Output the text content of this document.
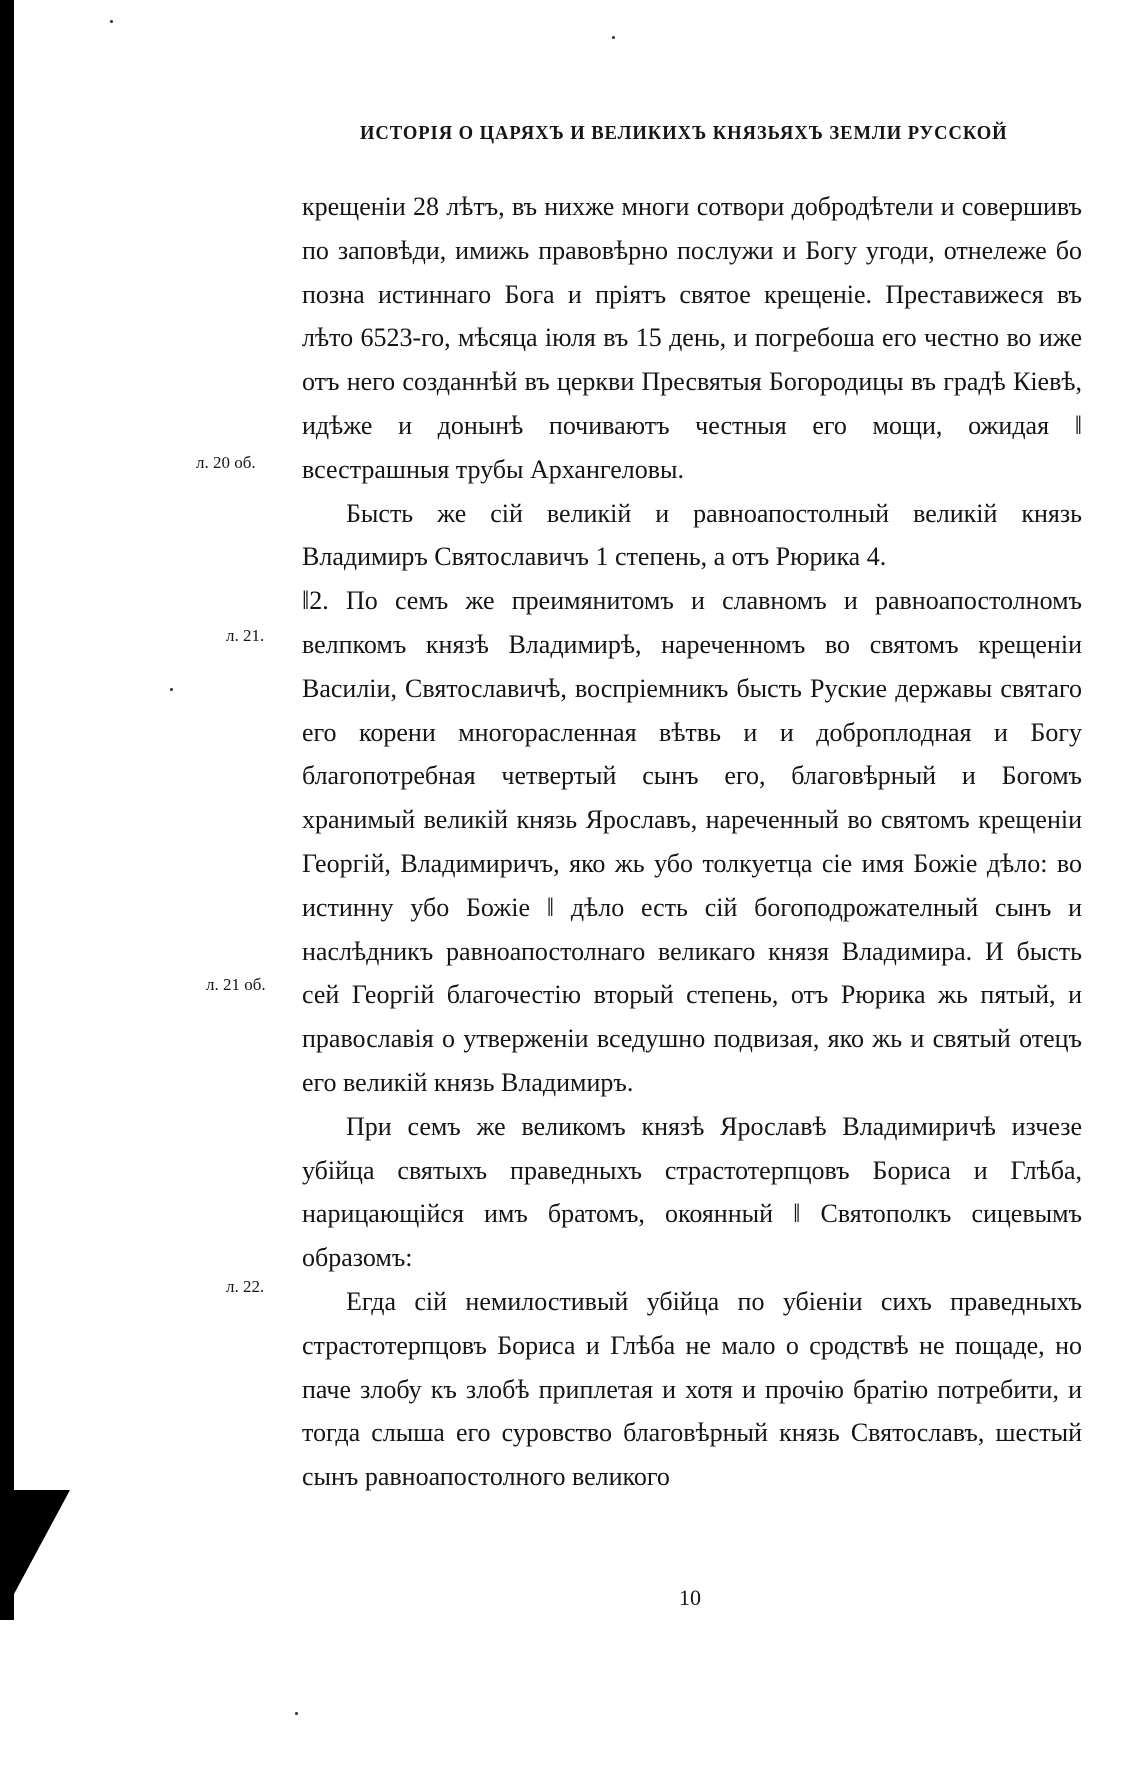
ИСТОРІЯ О ЦАРЯХЪ И ВЕЛИКИХЪ КНЯЗЬЯХЪ ЗЕМЛИ РУССКОЙ
л. 20 об.
л. 21.
л. 21 об.
л. 22.
крещеніи 28 лѣтъ, въ нихже многи сотвори добродѣтели и совершивъ по заповѣди, имижь правовѣрно послужи и Богу угоди, отнележе бо позна истиннаго Бога и пріятъ святое крещеніе. Преставижеся въ лѣто 6523-го, мѣсяца іюля въ 15 день, и погребоша его честно во иже отъ него созданнѣй въ церкви Пресвятыя Богородицы въ градѣ Кіевѣ, идѣже и донынѣ почиваютъ честныя его мощи, ожидая ‖ всестрашныя трубы Архангеловы.
Бысть же сій великій и равноапостолный великій князь Владимиръ Святославичъ 1 степень, а отъ Рюрика 4.
‖2. По семъ же преимянитомъ и славномъ и равноапостолномъ велпкомъ князѣ Владимирѣ, нареченномъ во святомъ крещеніи Василіи, Святославичѣ, воспріемникъ бысть Руские державы святаго его корени многорасленная вѣтвь и и доброплодная и Богу благопотребная четвертый сынъ его, благовѣрный и Богомъ хранимый великій князь Ярославъ, нареченный во святомъ крещеніи Георгій, Владимиричъ, яко жь убо толкуетца сіе имя Божіе дѣло: во истинну убо Божіе ‖ дѣло есть сій богоподрожателный сынъ и наслѣдникъ равноапостолнаго великаго князя Владимира. И бысть сей Георгій благочестію вторый степень, отъ Рюрика жь пятый, и православія о утверженіи вседушно подвизая, яко жь и святый отецъ его великій князь Владимиръ.
При семъ же великомъ князѣ Ярославѣ Владимиричѣ изчезе убійца святыхъ праведныхъ страстотерпцовъ Бориса и Глѣба, нарицающійся имъ братомъ, окоянный ‖ Святополкъ сицевымъ образомъ:
Егда сій немилостивый убійца по убіеніи сихъ праведныхъ страстотерпцовъ Бориса и Глѣба не мало о сродствѣ не пощаде, но паче злобу къ злобѣ приплетая и хотя и прочію братію потребити, и тогда слыша его суровство благовѣрный князь Святославъ, шестый сынъ равноапостолного великого
10
